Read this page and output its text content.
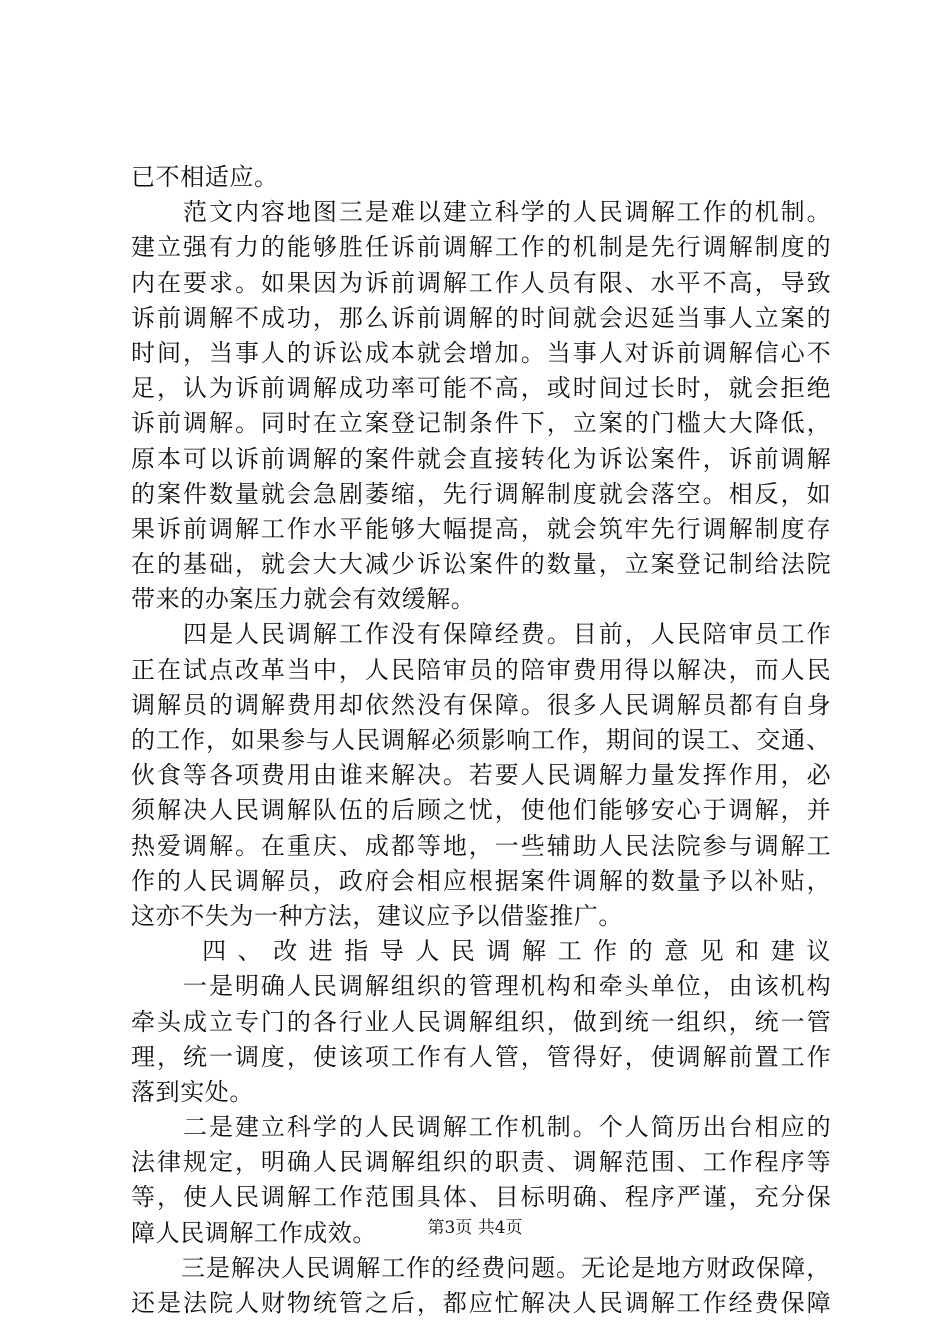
已不相适应。
　　范文内容地图三是难以建立科学的人民调解工作的机制。
建立强有力的能够胜任诉前调解工作的机制是先行调解制度的
内在要求。如果因为诉前调解工作人员有限、水平不高，导致
诉前调解不成功，那么诉前调解的时间就会迟延当事人立案的
时间，当事人的诉讼成本就会增加。当事人对诉前调解信心不
足，认为诉前调解成功率可能不高，或时间过长时，就会拒绝
诉前调解。同时在立案登记制条件下，立案的门槛大大降低，
原本可以诉前调解的案件就会直接转化为诉讼案件，诉前调解
的案件数量就会急剧萎缩，先行调解制度就会落空。相反，如
果诉前调解工作水平能够大幅提高，就会筑牢先行调解制度存
在的基础，就会大大减少诉讼案件的数量，立案登记制给法院
带来的办案压力就会有效缓解。
　　四是人民调解工作没有保障经费。目前，人民陪审员工作
正在试点改革当中，人民陪审员的陪审费用得以解决，而人民
调解员的调解费用却依然没有保障。很多人民调解员都有自身
的工作，如果参与人民调解必须影响工作，期间的误工、交通、
伙食等各项费用由谁来解决。若要人民调解力量发挥作用，必
须解决人民调解队伍的后顾之忧，使他们能够安心于调解，并
热爱调解。在重庆、成都等地，一些辅助人民法院参与调解工
作的人民调解员，政府会相应根据案件调解的数量予以补贴，
这亦不失为一种方法，建议应予以借鉴推广。
　　四、改进指导人民调解工作的意见和建议
　　一是明确人民调解组织的管理机构和牵头单位，由该机构
牵头成立专门的各行业人民调解组织，做到统一组织，统一管
理，统一调度，使该项工作有人管，管得好，使调解前置工作
落到实处。
　　二是建立科学的人民调解工作机制。个人简历出台相应的
法律规定，明确人民调解组织的职责、调解范围、工作程序等
等，使人民调解工作范围具体、目标明确、程序严谨，充分保
障人民调解工作成效。
　　三是解决人民调解工作的经费问题。无论是地方财政保障，
还是法院人财物统管之后，都应忙解决人民调解工作经费保障
第3页 共4页
